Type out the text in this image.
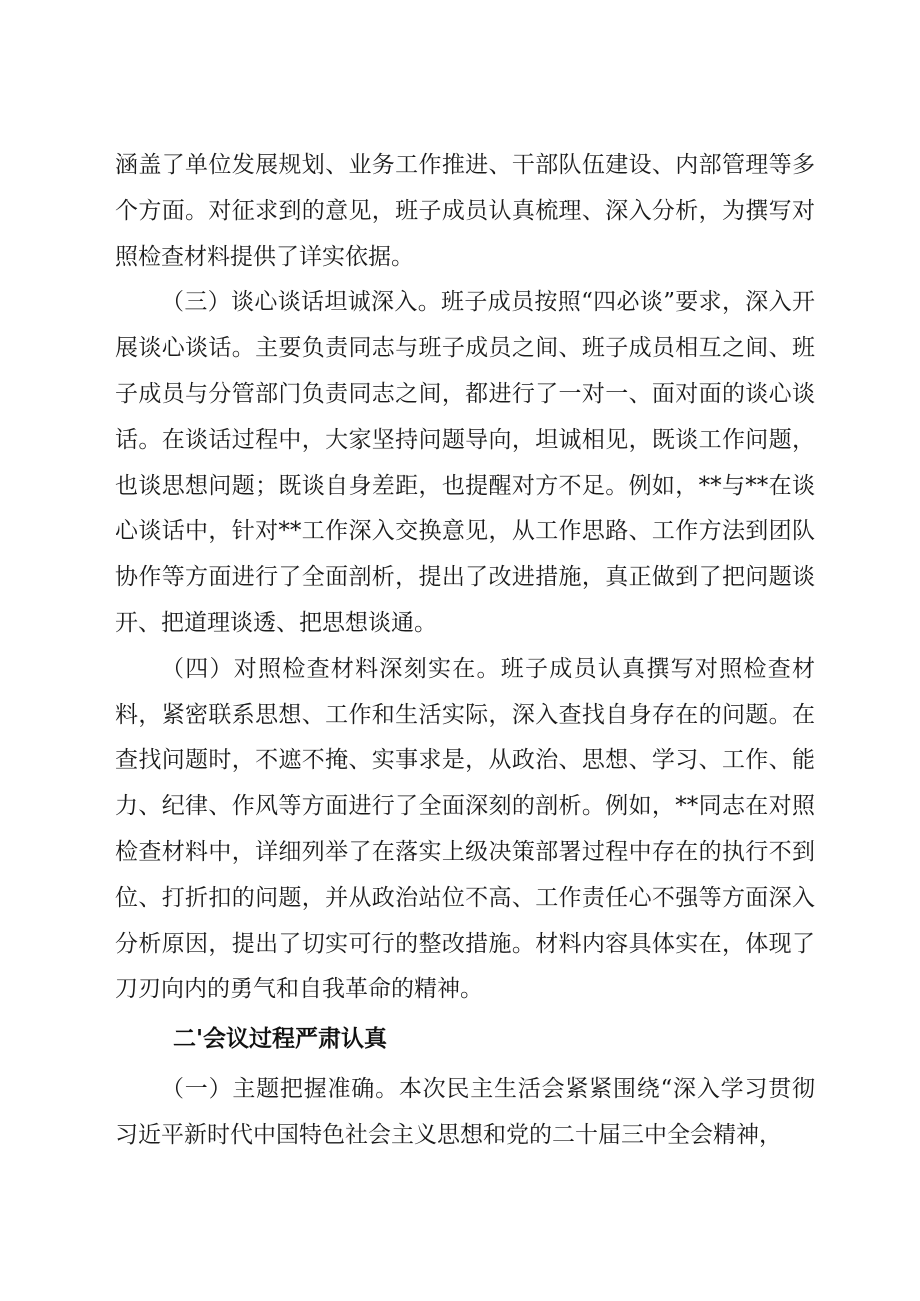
涵盖了单位发展规划、业务工作推进、干部队伍建设、内部管理等多个方面。对征求到的意见，班子成员认真梳理、深入分析，为撰写对照检查材料提供了详实依据。

（三）谈心谈话坦诚深入。班子成员按照“四必谈”要求，深入开展谈心谈话。主要负责同志与班子成员之间、班子成员相互之间、班子成员与分管部门负责同志之间，都进行了一对一、面对面的谈心谈话。在谈话过程中，大家坚持问题导向，坦诚相见，既谈工作问题，也谈思想问题；既谈自身差距，也提醒对方不足。例如，**与**在谈心谈话中，针对**工作深入交换意见，从工作思路、工作方法到团队协作等方面进行了全面剖析，提出了改进措施，真正做到了把问题谈开、把道理谈透、把思想谈通。

（四）对照检查材料深刻实在。班子成员认真撰写对照检查材料，紧密联系思想、工作和生活实际，深入查找自身存在的问题。在查找问题时，不遮不掩、实事求是，从政治、思想、学习、工作、能力、纪律、作风等方面进行了全面深刻的剖析。例如，**同志在对照检查材料中，详细列举了在落实上级决策部署过程中存在的执行不到位、打折扣的问题，并从政治站位不高、工作责任心不强等方面深入分析原因，提出了切实可行的整改措施。材料内容具体实在，体现了刀刃向内的勇气和自我革命的精神。

二'会议过程严肃认真

（一）主题把握准确。本次民主生活会紧紧围绕“深入学习贯彻习近平新时代中国特色社会主义思想和党的二十届三中全会精神，
